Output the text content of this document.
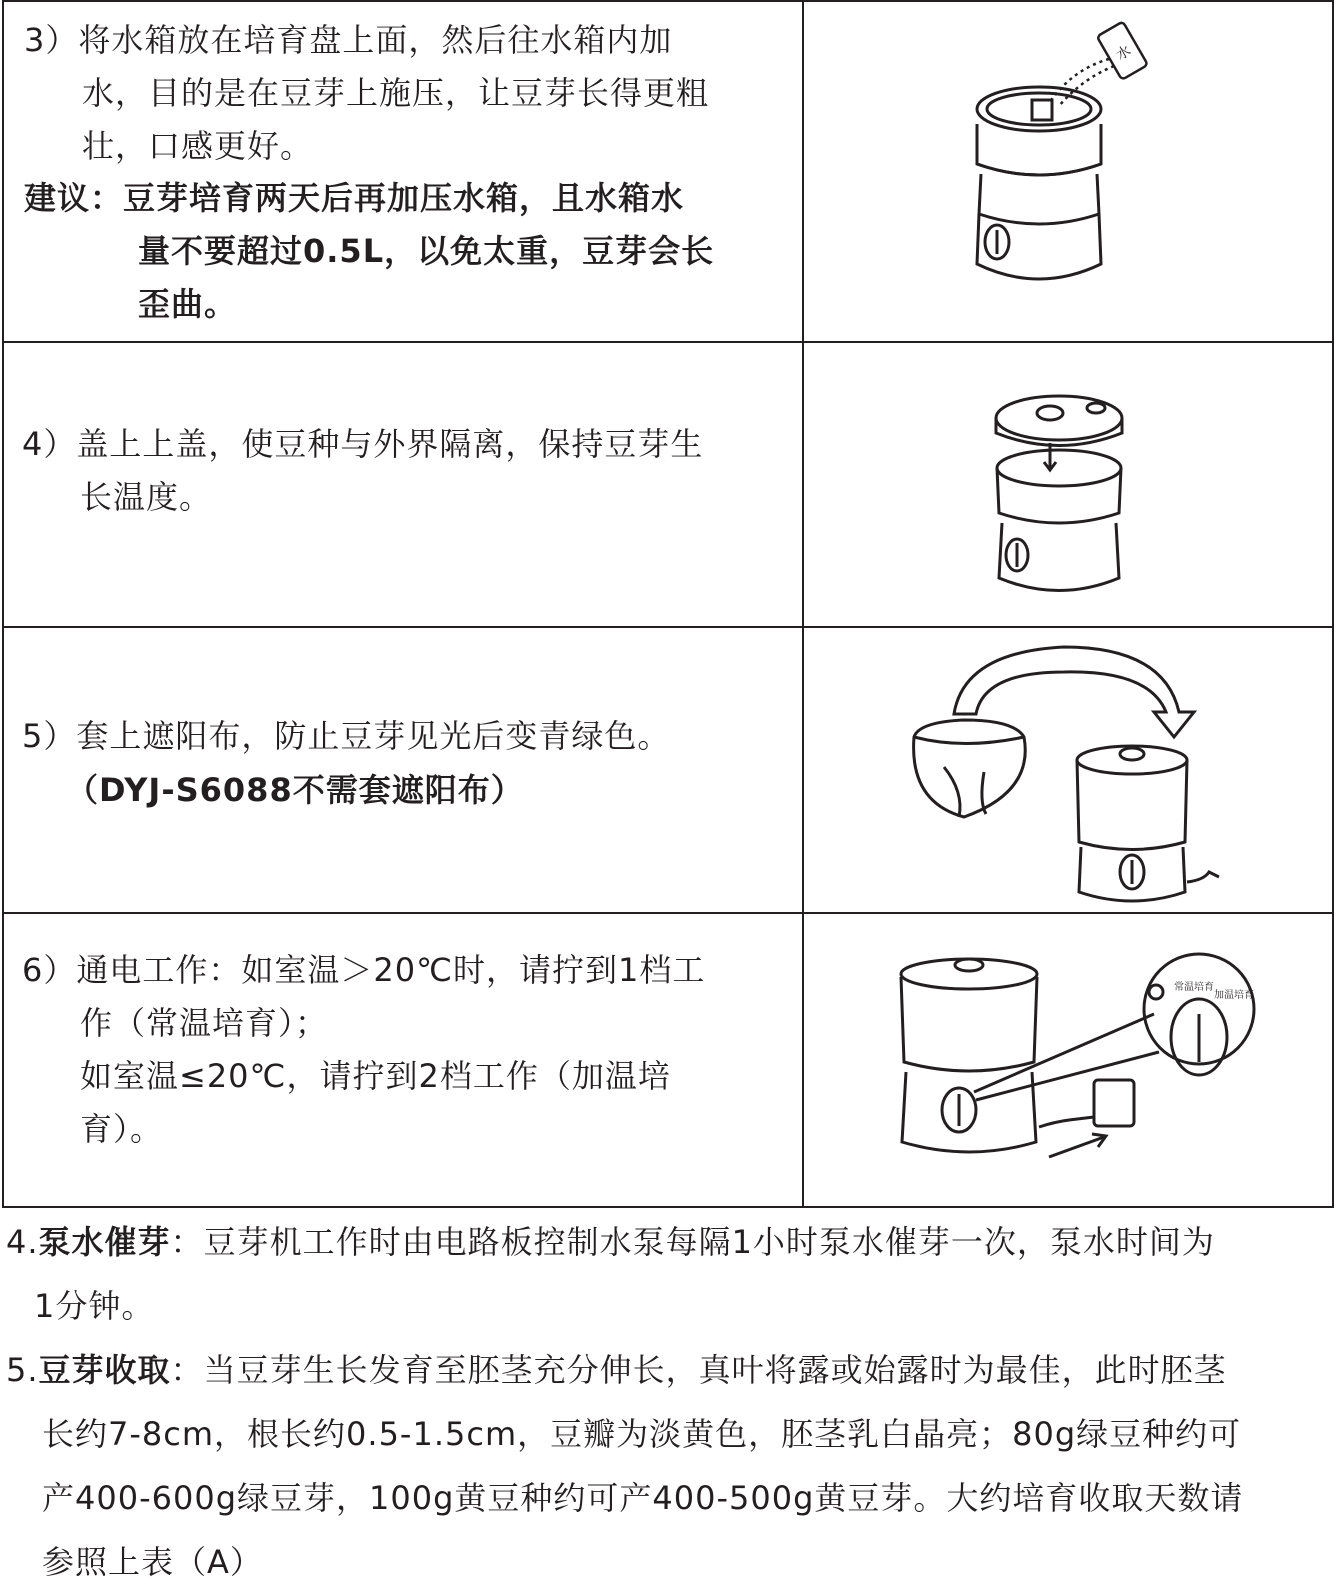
3）将水箱放在培育盘上面，然后往水箱内加
水，目的是在豆芽上施压，让豆芽长得更粗
壮，口感更好。
建议：豆芽培育两天后再加压水箱，且水箱水
量不要超过0.5L，以免太重，豆芽会长
歪曲。
水
4）盖上上盖，使豆种与外界隔离，保持豆芽生
长温度。
5）套上遮阳布，防止豆芽见光后变青绿色。
（DYJ-S6088不需套遮阳布）
6）通电工作：如室温＞20℃时，请拧到1档工
作（常温培育）；
如室温≤20℃，请拧到2档工作（加温培
育）。
常温培育
加温培育
4.泵水催芽：豆芽机工作时由电路板控制水泵每隔1小时泵水催芽一次，泵水时间为
1分钟。
5.豆芽收取：当豆芽生长发育至胚茎充分伸长，真叶将露或始露时为最佳，此时胚茎
长约7-8cm，根长约0.5-1.5cm，豆瓣为淡黄色，胚茎乳白晶亮；80g绿豆种约可
产400-600g绿豆芽，100g黄豆种约可产400-500g黄豆芽。大约培育收取天数请
参照上表（A）
